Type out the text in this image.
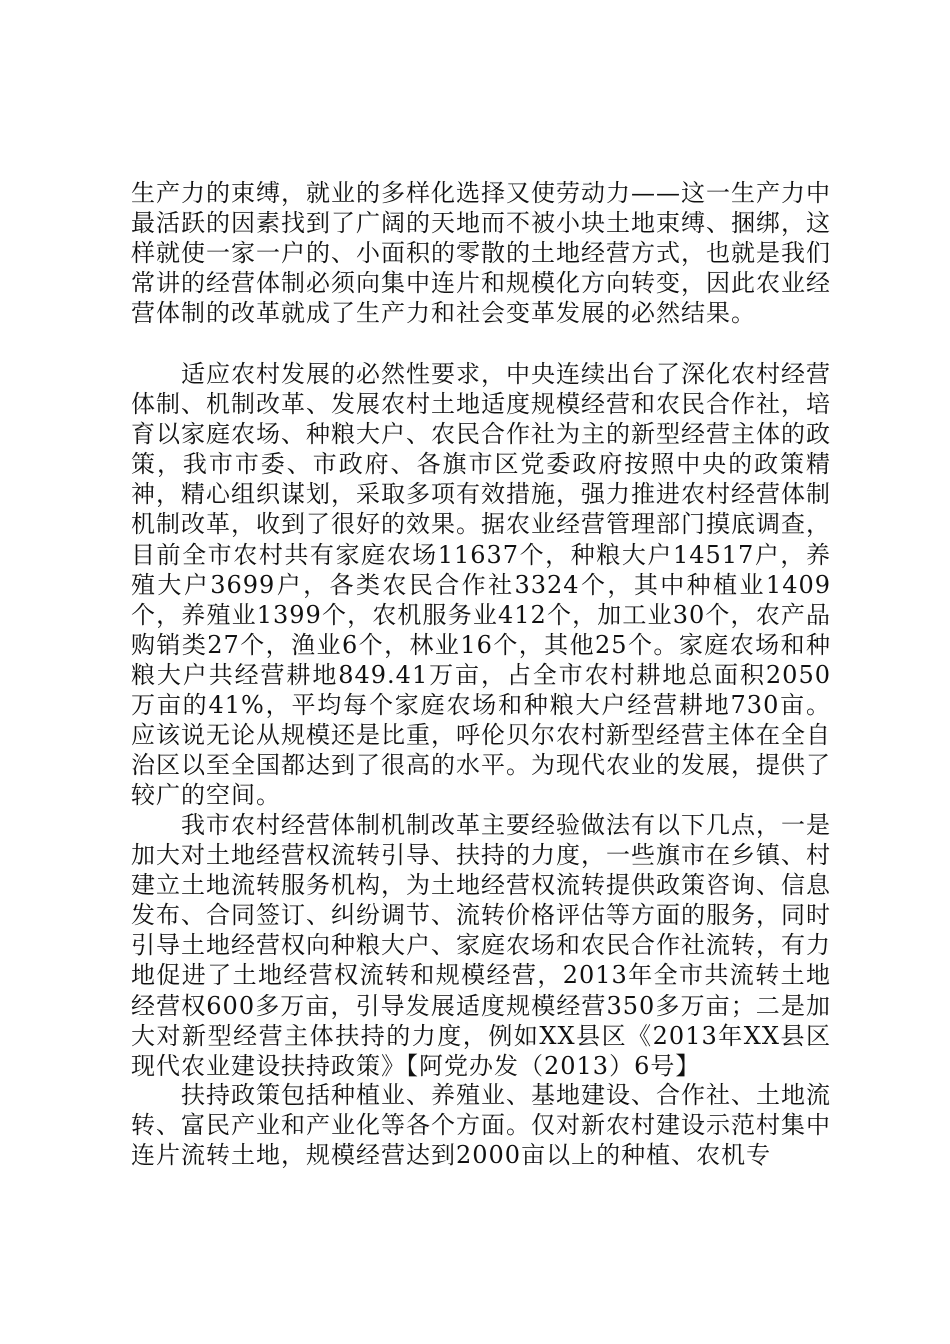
生产力的束缚，就业的多样化选择又使劳动力——这一生产力中最活跃的因素找到了广阔的天地而不被小块土地束缚、捆绑，这样就使一家一户的、小面积的零散的土地经营方式，也就是我们常讲的经营体制必须向集中连片和规模化方向转变，因此农业经营体制的改革就成了生产力和社会变革发展的必然结果。

适应农村发展的必然性要求，中央连续出台了深化农村经营体制、机制改革、发展农村土地适度规模经营和农民合作社，培育以家庭农场、种粮大户、农民合作社为主的新型经营主体的政策，我市市委、市政府、各旗市区党委政府按照中央的政策精神，精心组织谋划，采取多项有效措施，强力推进农村经营体制机制改革，收到了很好的效果。据农业经营管理部门摸底调查，目前全市农村共有家庭农场11637个，种粮大户14517户，养殖大户3699户，各类农民合作社3324个，其中种植业1409个，养殖业1399个，农机服务业412个，加工业30个，农产品购销类27个，渔业6个，林业16个，其他25个。家庭农场和种粮大户共经营耕地849.41万亩，占全市农村耕地总面积2050万亩的41%，平均每个家庭农场和种粮大户经营耕地730亩。应该说无论从规模还是比重，呼伦贝尔农村新型经营主体在全自治区以至全国都达到了很高的水平。为现代农业的发展，提供了较广的空间。

我市农村经营体制机制改革主要经验做法有以下几点，一是加大对土地经营权流转引导、扶持的力度，一些旗市在乡镇、村建立土地流转服务机构，为土地经营权流转提供政策咨询、信息发布、合同签订、纠纷调节、流转价格评估等方面的服务，同时引导土地经营权向种粮大户、家庭农场和农民合作社流转，有力地促进了土地经营权流转和规模经营，2013年全市共流转土地经营权600多万亩，引导发展适度规模经营350多万亩；二是加大对新型经营主体扶持的力度，例如XX县区《2013年XX县区现代农业建设扶持政策》【阿党办发（2013）6号】

扶持政策包括种植业、养殖业、基地建设、合作社、土地流转、富民产业和产业化等各个方面。仅对新农村建设示范村集中连片流转土地，规模经营达到2000亩以上的种植、农机专
